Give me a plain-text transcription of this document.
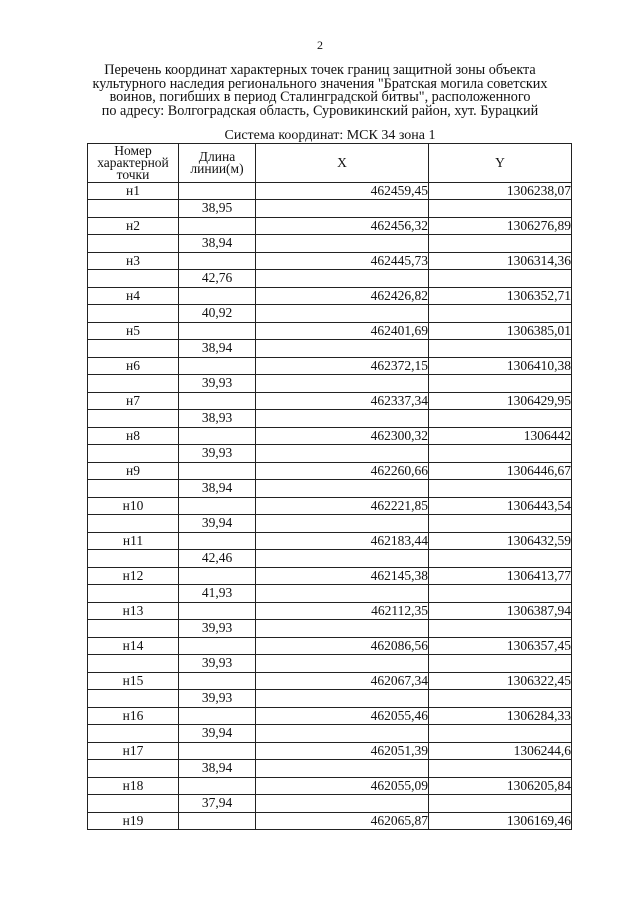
2
Перечень координат характерных точек границ защитной зоны объекта
культурного наследия регионального значения "Братская могила советских
воинов, погибших в период Сталинградской битвы", расположенного
по адресу: Волгоградская область, Суровикинский район, хут. Бурацкий
Система координат: МСК 34 зона 1
Номер характерной точки	Длина линии(м)	X	Y
н1		462459,45	1306238,07
	38,95		
н2		462456,32	1306276,89
	38,94		
н3		462445,73	1306314,36
	42,76		
н4		462426,82	1306352,71
	40,92		
н5		462401,69	1306385,01
	38,94		
н6		462372,15	1306410,38
	39,93		
н7		462337,34	1306429,95
	38,93		
н8		462300,32	1306442
	39,93		
н9		462260,66	1306446,67
	38,94		
н10		462221,85	1306443,54
	39,94		
н11		462183,44	1306432,59
	42,46		
н12		462145,38	1306413,77
	41,93		
н13		462112,35	1306387,94
	39,93		
н14		462086,56	1306357,45
	39,93		
н15		462067,34	1306322,45
	39,93		
н16		462055,46	1306284,33
	39,94		
н17		462051,39	1306244,6
	38,94		
н18		462055,09	1306205,84
	37,94		
н19		462065,87	1306169,46
